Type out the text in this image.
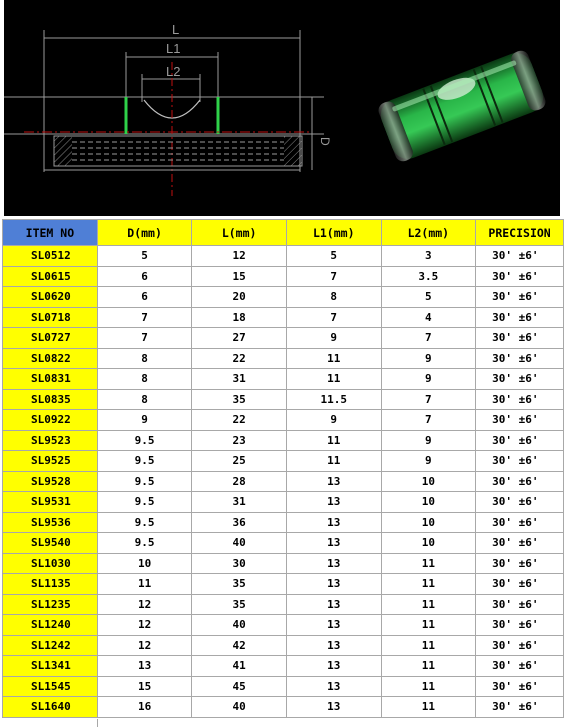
L
L1
L2
D
ITEM NO	D(mm)	L(mm)	L1(mm)	L2(mm)	PRECISION
SL0512	5	12	5	3	30' ±6'
SL0615	6	15	7	3.5	30' ±6'
SL0620	6	20	8	5	30' ±6'
SL0718	7	18	7	4	30' ±6'
SL0727	7	27	9	7	30' ±6'
SL0822	8	22	11	9	30' ±6'
SL0831	8	31	11	9	30' ±6'
SL0835	8	35	11.5	7	30' ±6'
SL0922	9	22	9	7	30' ±6'
SL9523	9.5	23	11	9	30' ±6'
SL9525	9.5	25	11	9	30' ±6'
SL9528	9.5	28	13	10	30' ±6'
SL9531	9.5	31	13	10	30' ±6'
SL9536	9.5	36	13	10	30' ±6'
SL9540	9.5	40	13	10	30' ±6'
SL1030	10	30	13	11	30' ±6'
SL1135	11	35	13	11	30' ±6'
SL1235	12	35	13	11	30' ±6'
SL1240	12	40	13	11	30' ±6'
SL1242	12	42	13	11	30' ±6'
SL1341	13	41	13	11	30' ±6'
SL1545	15	45	13	11	30' ±6'
SL1640	16	40	13	11	30' ±6'
